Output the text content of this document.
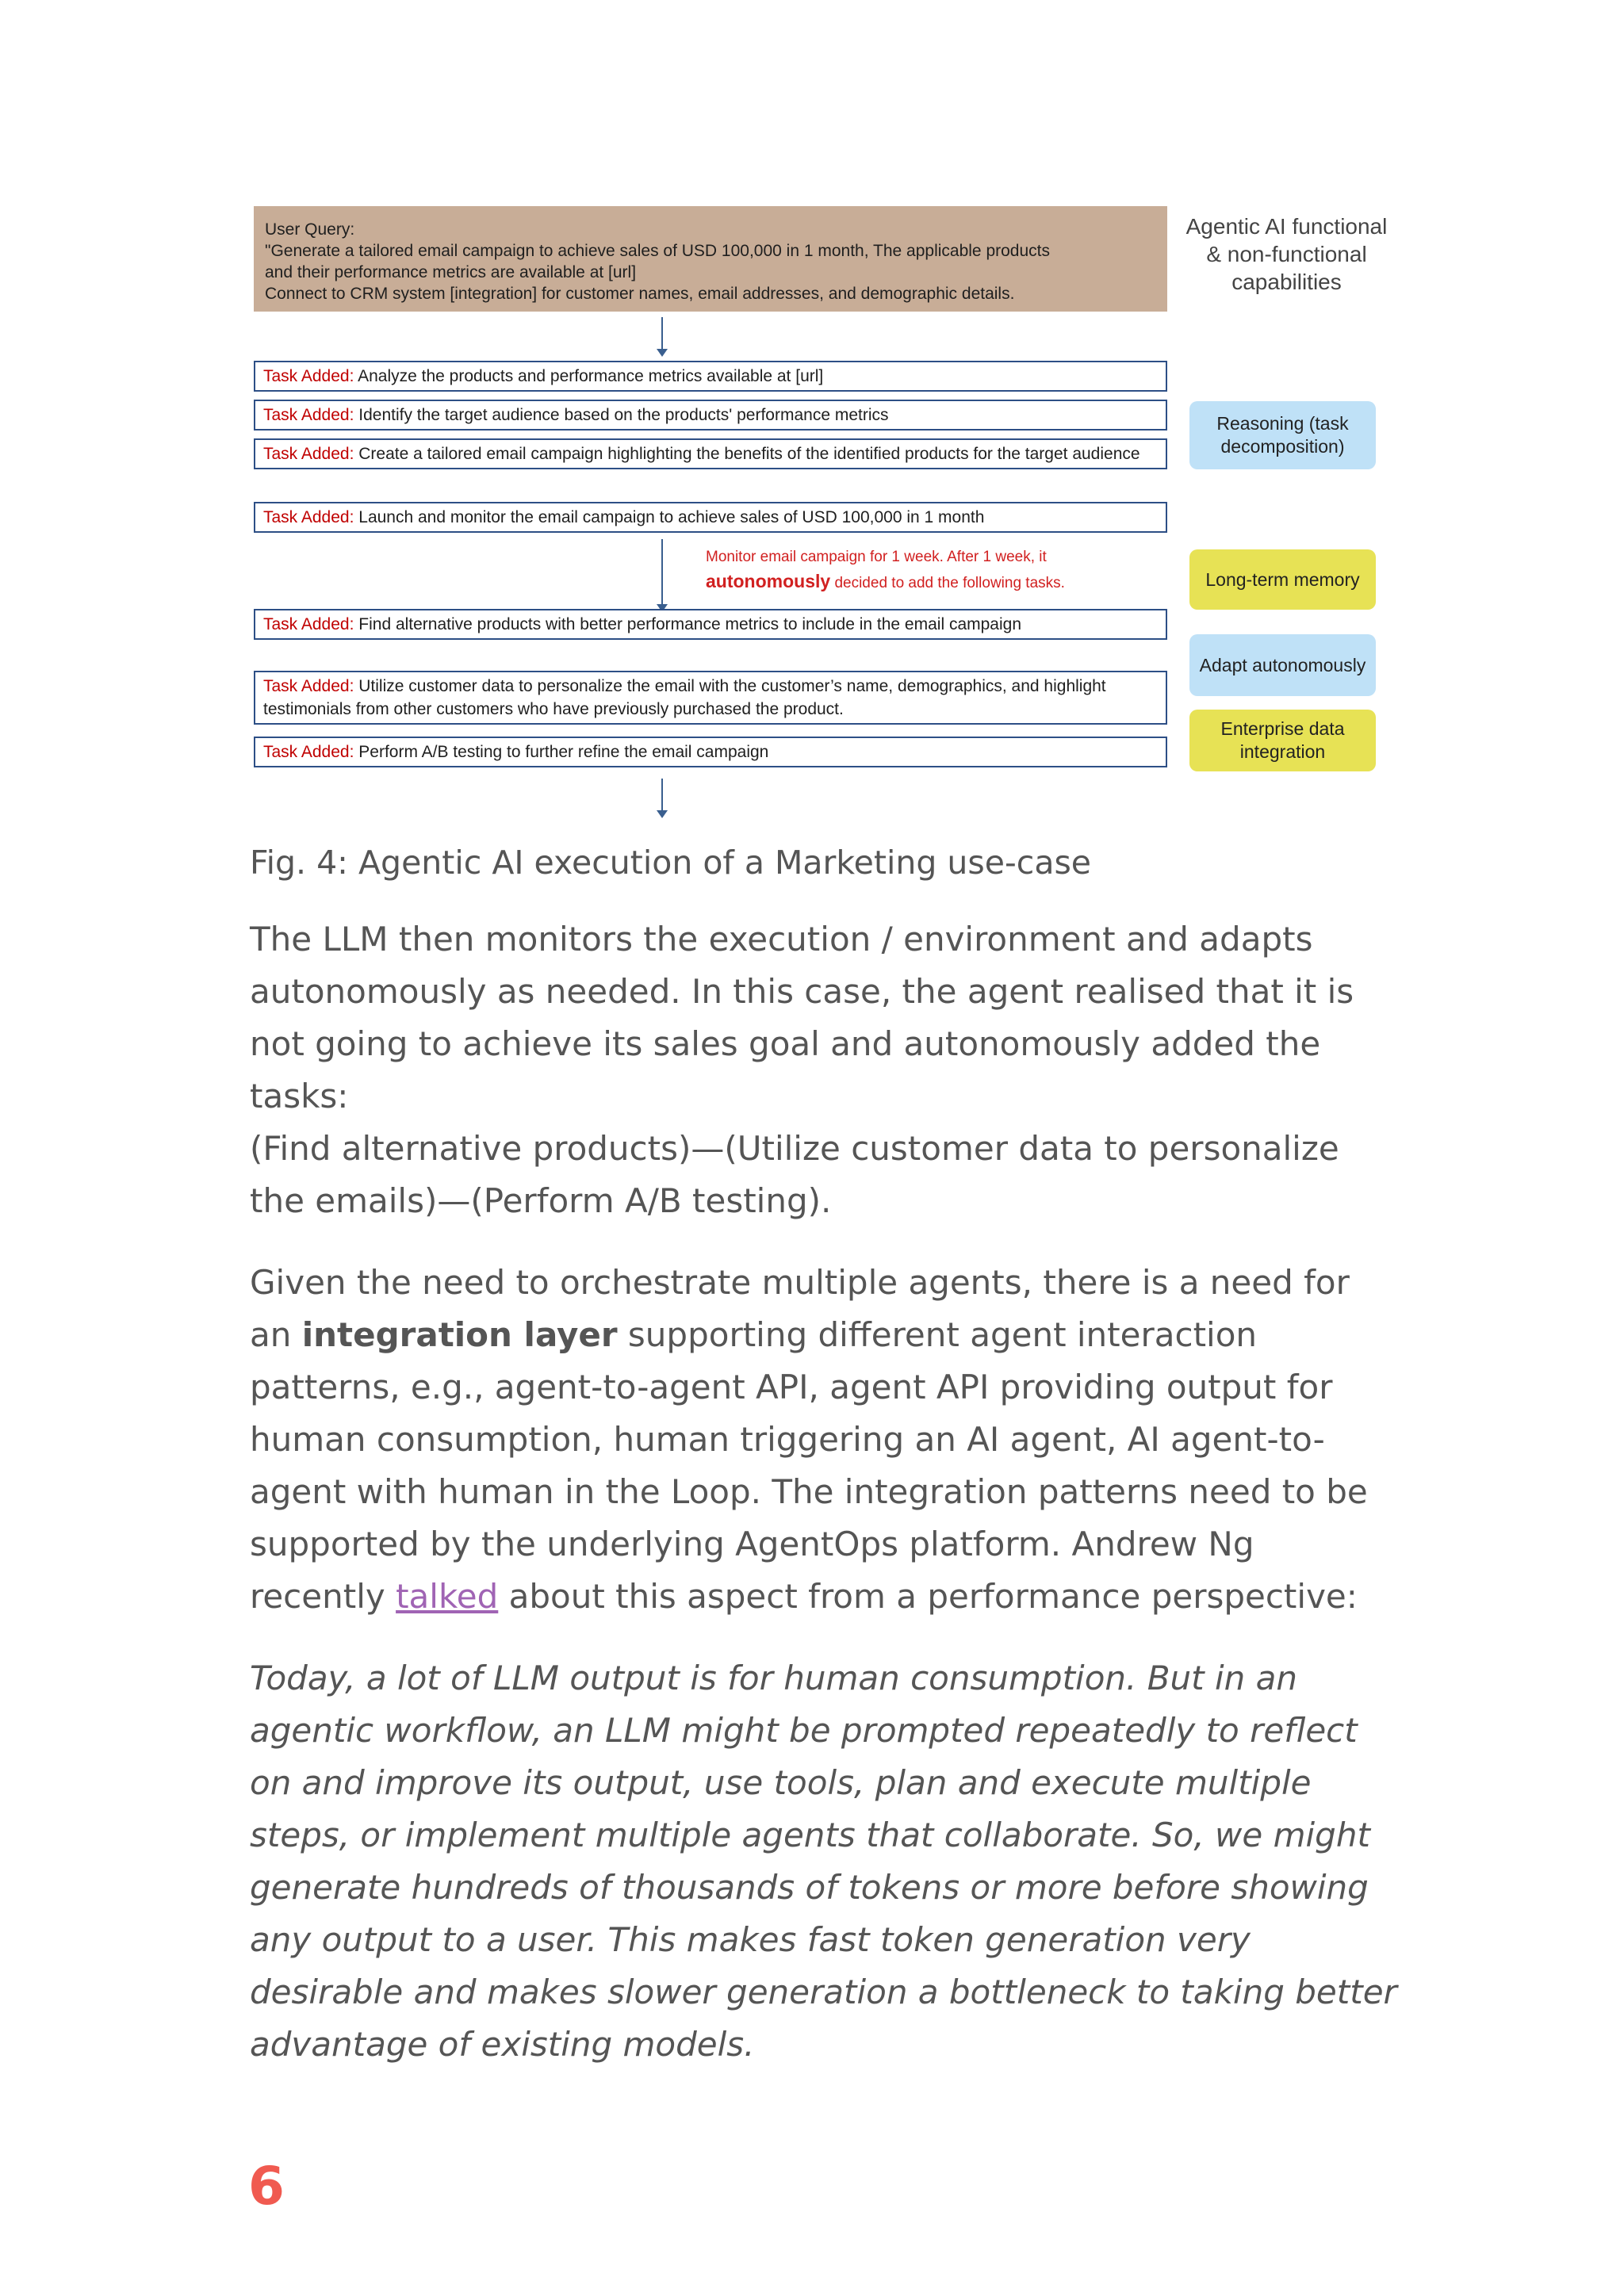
User Query:
"Generate a tailored email campaign to achieve sales of USD 100,000 in 1 month, The applicable products
and their performance metrics are available at [url]
Connect to CRM system [integration] for customer names, email addresses, and demographic details.
Task Added: Analyze the products and performance metrics available at [url]
Task Added: Identify the target audience based on the products' performance metrics
Task Added: Create a tailored email campaign highlighting the benefits of the identified products for the target audience
Task Added: Launch and monitor the email campaign to achieve sales of USD 100,000 in 1 month
Monitor email campaign for 1 week. After 1 week, it
autonomously decided to add the following tasks.
Task Added: Find alternative products with better performance metrics to include in the email campaign
Task Added: Utilize customer data to personalize the email with the customer’s name, demographics, and highlight testimonials from other customers who have previously purchased the product.
Task Added: Perform A/B testing to further refine the email campaign
Agentic AI functional & non-functional capabilities
Reasoning (task decomposition)
Long-term memory
Adapt autonomously
Enterprise data integration
Fig. 4: Agentic AI execution of a Marketing use-case
The LLM then monitors the execution / environment and adapts
autonomously as needed. In this case, the agent realised that it is
not going to achieve its sales goal and autonomously added the
tasks:
(Find alternative products)—(Utilize customer data to personalize
the emails)—(Perform A/B testing).
Given the need to orchestrate multiple agents, there is a need for
an integration layer supporting different agent interaction
patterns, e.g., agent-to-agent API, agent API providing output for
human consumption, human triggering an AI agent, AI agent-to-
agent with human in the Loop. The integration patterns need to be
supported by the underlying AgentOps platform. Andrew Ng
recently talked about this aspect from a performance perspective:
Today, a lot of LLM output is for human consumption. But in an
agentic workflow, an LLM might be prompted repeatedly to reflect
on and improve its output, use tools, plan and execute multiple
steps, or implement multiple agents that collaborate. So, we might
generate hundreds of thousands of tokens or more before showing
any output to a user. This makes fast token generation very
desirable and makes slower generation a bottleneck to taking better
advantage of existing models.
6
